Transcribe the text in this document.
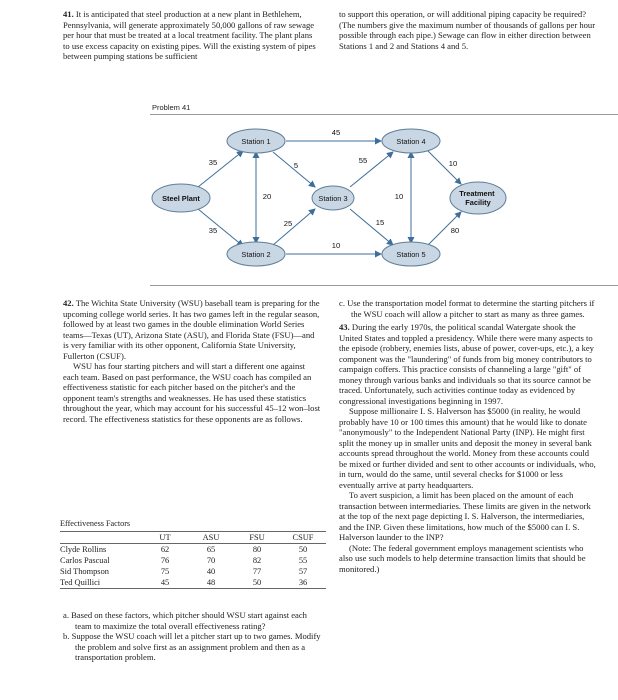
41. It is anticipated that steel production at a new plant in Bethlehem, Pennsylvania, will generate approximately 50,000 gallons of raw sewage per hour that must be treated at a local treatment facility. The plant plans to use excess capacity on existing pipes. Will the existing system of pipes between pumping stations be sufficient

to support this operation, or will additional piping capacity be required? (The numbers give the maximum number of thousands of gallons per hour possible through each pipe.) Sewage can flow in either direction between Stations 1 and 2 and Stations 4 and 5.

Problem 41
Steel Plant
Station 1
Station 2
Station 3
Station 4
Station 5
Treatment Facility
45
35	5
55	10
20	10
35
25	15
80
10

42. The Wichita State University (WSU) baseball team is preparing for the upcoming college world series. It has two games left in the regular season, followed by at least two games in the double elimination World Series teams—Texas (UT), Arizona State (ASU), and Florida State (FSU)—and is very familiar with its other opponent, California State University, Fullerton (CSUF).

WSU has four starting pitchers and will start a different one against each team. Based on past performance, the WSU coach has compiled an effectiveness statistic for each pitcher based on the pitcher's and the opponent team's strengths and weaknesses. He has used these statistics throughout the year, which may account for his successful 45–12 won–lost record. The effectiveness statistics for these opponents are as follows.

Effectiveness Factors
	UT	ASU	FSU	CSUF
Clyde Rollins	62	65	80	50
Carlos Pascual	76	70	82	55
Sid Thompson	75	40	77	57
Ted Quillici	45	48	50	36

a. Based on these factors, which pitcher should WSU start against each team to maximize the total overall effectiveness rating?

b. Suppose the WSU coach will let a pitcher start up to two games. Modify the problem and solve first as an assignment problem and then as a transportation problem.

c. Use the transportation model format to determine the starting pitchers if the WSU coach will allow a pitcher to start as many as three games.

43. During the early 1970s, the political scandal Watergate shook the United States and toppled a presidency. While there were many aspects to the episode (robbery, enemies lists, abuse of power, cover-ups, etc.), a key component was the "laundering" of funds from big money contributors to campaign coffers. This practice consists of channeling a large "gift" of money through various banks and individuals so that its source cannot be traced. Unfortunately, such activities continue today as evidenced by congressional investigations beginning in 1997.

Suppose millionaire I. S. Halverson has $5000 (in reality, he would probably have 10 or 100 times this amount) that he would like to donate "anonymously" to the Independent National Party (INP). He might first split the money up in smaller units and deposit the money in several bank accounts spread throughout the world. Money from these accounts could be mixed or further divided and sent to other accounts or individuals, who, in turn, would do the same, until several checks for $1000 or less eventually arrive at party headquarters.

To avert suspicion, a limit has been placed on the amount of each transaction between intermediaries. These limits are given in the network at the top of the next page depicting I. S. Halverson, the intermediaries, and the INP. Given these limitations, how much of the $5000 can I. S. Halverson launder to the INP?

(Note: The federal government employs management scientists who also use such models to help determine transaction limits that should be monitored.)
